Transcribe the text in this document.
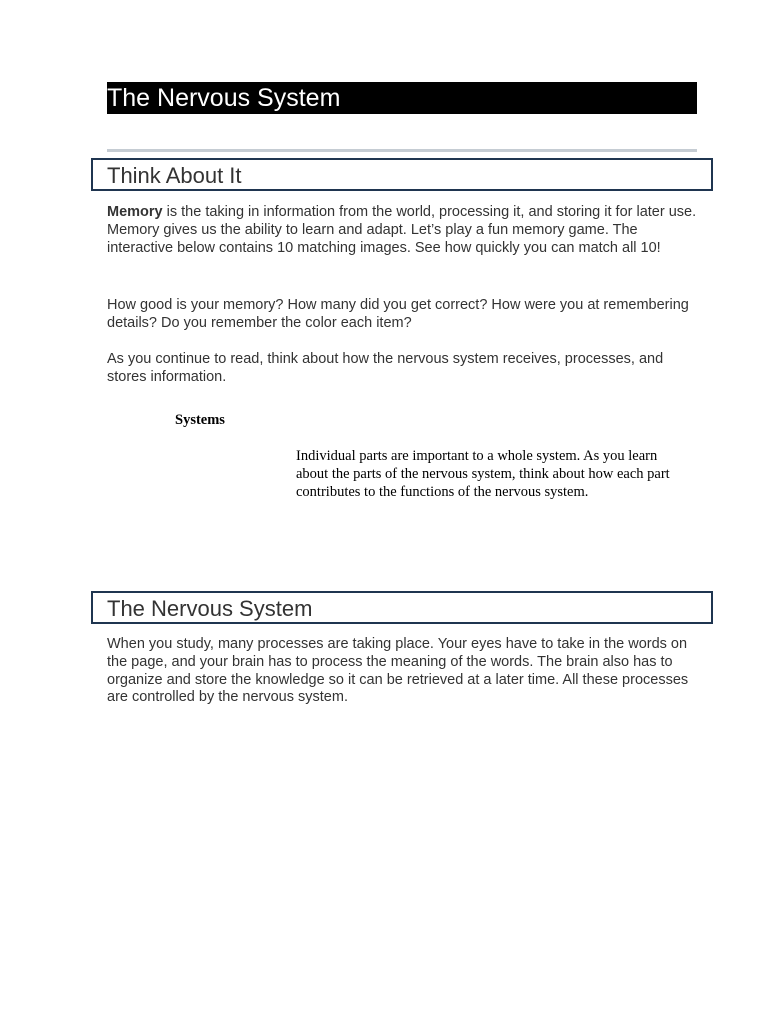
The Nervous System
Think About It

Memory is the taking in information from the world, processing it, and storing it for later use. Memory gives us the ability to learn and adapt. Let’s play a fun memory game. The interactive below contains 10 matching images. See how quickly you can match all 10!

How good is your memory? How many did you get correct? How were you at remembering details? Do you remember the color each item?

As you continue to read, think about how the nervous system receives, processes, and stores information.

Systems

Individual parts are important to a whole system. As you learn about the parts of the nervous system, think about how each part contributes to the functions of the nervous system.

The Nervous System

When you study, many processes are taking place. Your eyes have to take in the words on the page, and your brain has to process the meaning of the words. The brain also has to organize and store the knowledge so it can be retrieved at a later time. All these processes are controlled by the nervous system.
